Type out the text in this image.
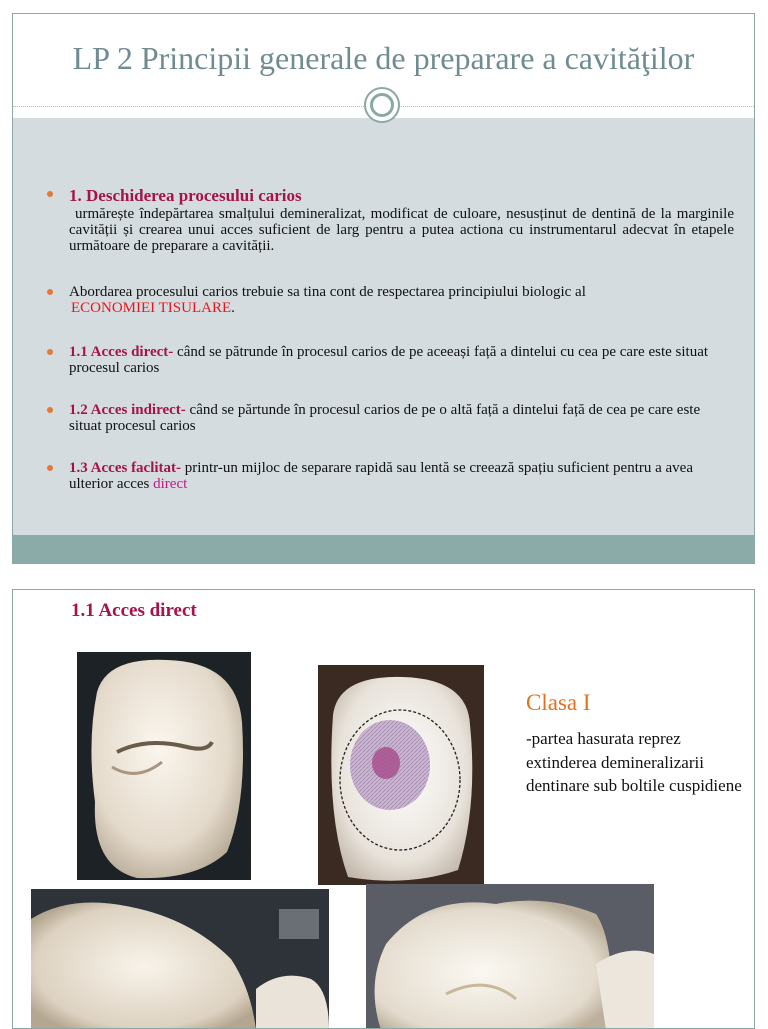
LP 2 Principii generale de preparare a cavităţilor
1. Deschiderea procesului carios
urmărește îndepărtarea smalțului demineralizat, modificat de culoare, nesusținut de dentină de la marginile cavității și crearea unui acces suficient de larg pentru a putea actiona cu instrumentarul adecvat în etapele următoare de preparare a cavității.
Abordarea procesului carios trebuie sa tina cont de respectarea principiului biologic al
ECONOMIEI TISULARE.
1.1 Acces direct- când se pătrunde în procesul carios de pe aceeași față a dintelui cu cea pe care este situat procesul carios
1.2 Acces indirect- când se părtunde în procesul carios de pe o altă față a dintelui față de cea pe care este situat procesul carios
1.3 Acces faclitat- printr-un mijloc de separare rapidă sau lentă se creează spațiu suficient pentru a avea ulterior acces direct
1.1 Acces direct
Clasa I
-partea hasurata reprez extinderea demineralizarii dentinare sub boltile cuspidiene
